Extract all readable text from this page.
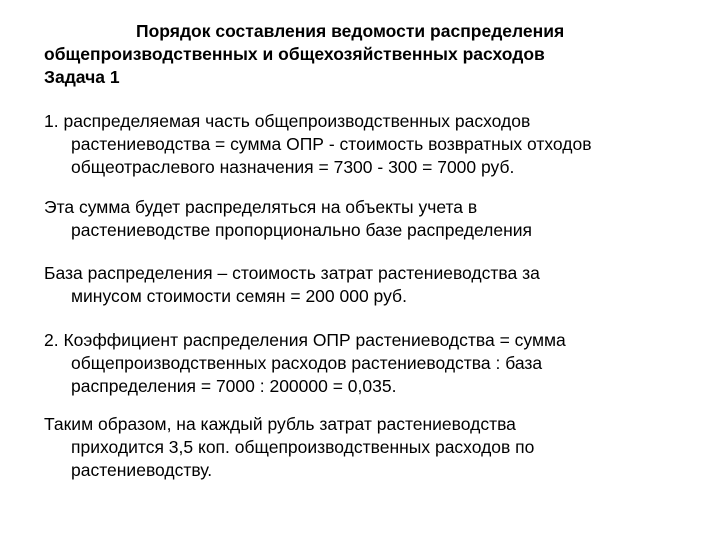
Порядок составления ведомости распределения
общепроизводственных и общехозяйственных расходов
Задача 1
1. распределяемая часть общепроизводственных расходов
растениеводства = сумма ОПР - стоимость возвратных отходов
общеотраслевого назначения = 7300 - 300 = 7000 руб.
Эта сумма будет распределяться на объекты учета в
растениеводстве пропорционально базе распределения
База распределения – стоимость затрат растениеводства за
минусом стоимости семян = 200 000 руб.
2. Коэффициент распределения ОПР растениеводства = сумма
общепроизводственных расходов растениеводства : база
распределения = 7000 : 200000 = 0,035.
Таким образом, на каждый рубль затрат растениеводства
приходится 3,5 коп. общепроизводственных расходов по
растениеводству.
